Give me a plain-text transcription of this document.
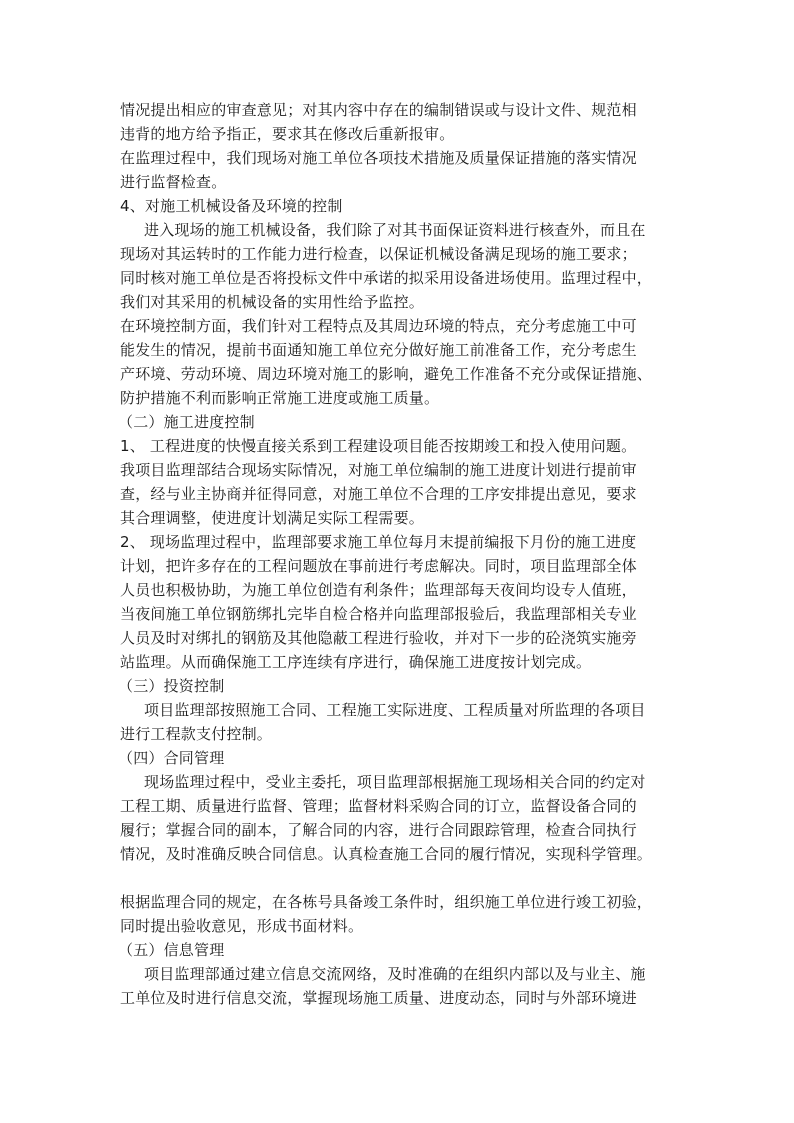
情况提出相应的审查意见；对其内容中存在的编制错误或与设计文件、规范相
违背的地方给予指正，要求其在修改后重新报审。
在监理过程中，我们现场对施工单位各项技术措施及质量保证措施的落实情况
进行监督检查。
4、对施工机械设备及环境的控制
进入现场的施工机械设备，我们除了对其书面保证资料进行核查外，而且在
现场对其运转时的工作能力进行检查，以保证机械设备满足现场的施工要求；
同时核对施工单位是否将投标文件中承诺的拟采用设备进场使用。监理过程中，
我们对其采用的机械设备的实用性给予监控。
在环境控制方面，我们针对工程特点及其周边环境的特点，充分考虑施工中可
能发生的情况，提前书面通知施工单位充分做好施工前准备工作，充分考虑生
产环境、劳动环境、周边环境对施工的影响，避免工作准备不充分或保证措施、
防护措施不利而影响正常施工进度或施工质量。
（二）施工进度控制
1、 工程进度的快慢直接关系到工程建设项目能否按期竣工和投入使用问题。
我项目监理部结合现场实际情况，对施工单位编制的施工进度计划进行提前审
查，经与业主协商并征得同意，对施工单位不合理的工序安排提出意见，要求
其合理调整，使进度计划满足实际工程需要。
2、 现场监理过程中，监理部要求施工单位每月末提前编报下月份的施工进度
计划，把许多存在的工程问题放在事前进行考虑解决。同时，项目监理部全体
人员也积极协助，为施工单位创造有利条件；监理部每天夜间均设专人值班，
当夜间施工单位钢筋绑扎完毕自检合格并向监理部报验后，我监理部相关专业
人员及时对绑扎的钢筋及其他隐蔽工程进行验收，并对下一步的砼浇筑实施旁
站监理。从而确保施工工序连续有序进行，确保施工进度按计划完成。
（三）投资控制
项目监理部按照施工合同、工程施工实际进度、工程质量对所监理的各项目
进行工程款支付控制。
（四）合同管理
现场监理过程中，受业主委托，项目监理部根据施工现场相关合同的约定对
工程工期、质量进行监督、管理；监督材料采购合同的订立，监督设备合同的
履行；掌握合同的副本，了解合同的内容，进行合同跟踪管理，检查合同执行
情况，及时准确反映合同信息。认真检查施工合同的履行情况，实现科学管理。
根据监理合同的规定，在各栋号具备竣工条件时，组织施工单位进行竣工初验，
同时提出验收意见，形成书面材料。
（五）信息管理
项目监理部通过建立信息交流网络，及时准确的在组织内部以及与业主、施
工单位及时进行信息交流，掌握现场施工质量、进度动态，同时与外部环境进
